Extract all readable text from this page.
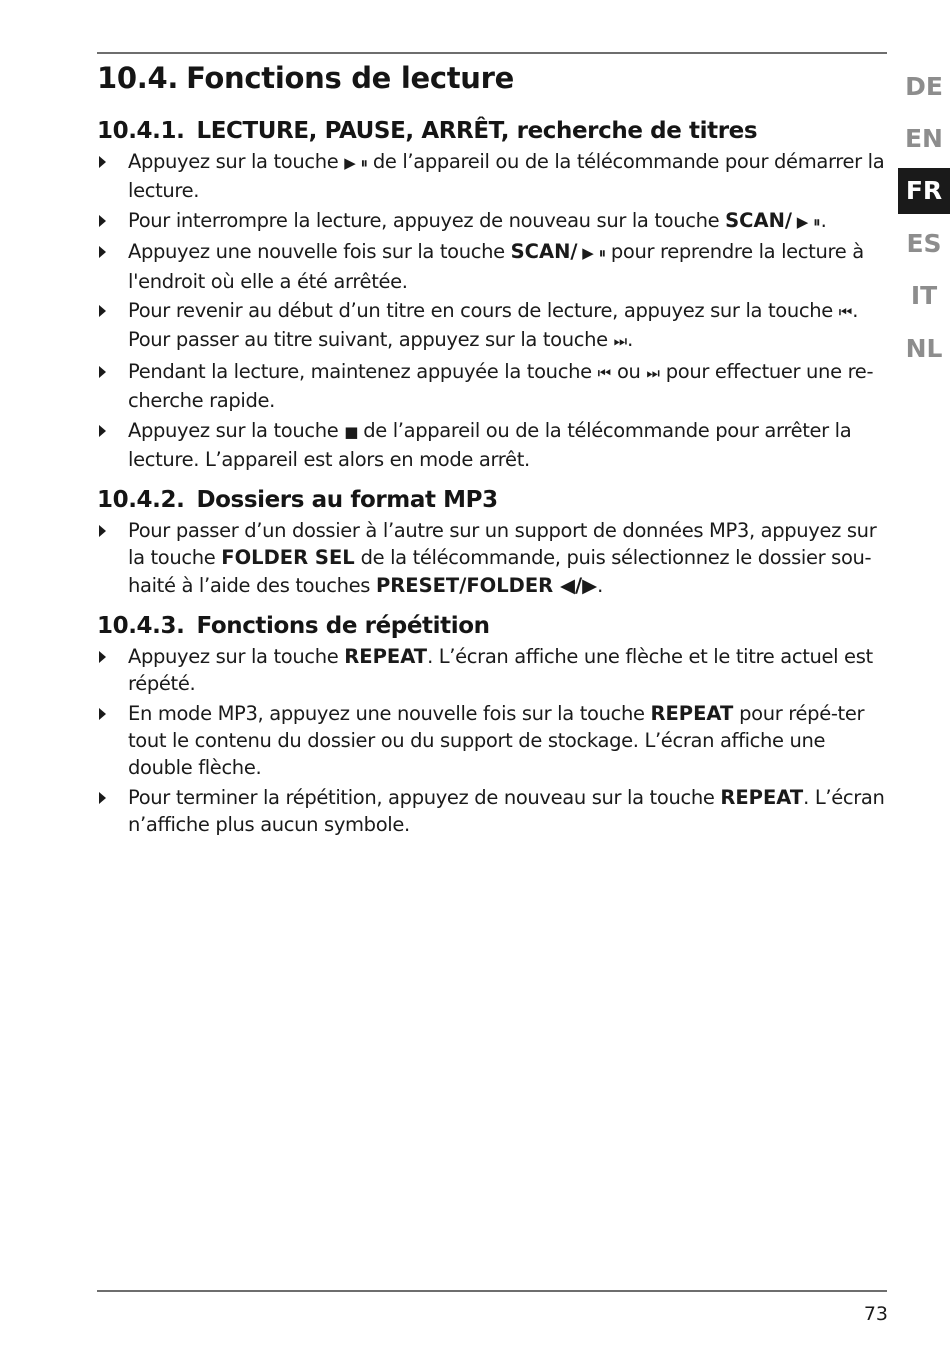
10.4. Fonctions de lecture
10.4.1. LECTURE, PAUSE, ARRÊT, recherche de titres
Appuyez sur la touche ▶ ⏸ de l’appareil ou de la télécommande pour démarrer la lecture.
Pour interrompre la lecture, appuyez de nouveau sur la touche SCAN/ ▶ ⏸.
Appuyez une nouvelle fois sur la touche SCAN/ ▶ ⏸ pour reprendre la lecture à l'endroit où elle a été arrêtée.
Pour revenir au début d’un titre en cours de lecture, appuyez sur la touche ⏮. Pour passer au titre suivant, appuyez sur la touche ⏭.
Pendant la lecture, maintenez appuyée la touche ⏮ ou ⏭ pour effectuer une re-cherche rapide.
Appuyez sur la touche ■ de l’appareil ou de la télécommande pour arrêter la lecture. L’appareil est alors en mode arrêt.
10.4.2. Dossiers au format MP3
Pour passer d’un dossier à l’autre sur un support de données MP3, appuyez sur la touche FOLDER SEL de la télécommande, puis sélectionnez le dossier sou-haité à l’aide des touches PRESET/FOLDER ◀/▶.
10.4.3. Fonctions de répétition
Appuyez sur la touche REPEAT. L’écran affiche une flèche et le titre actuel est répété.
En mode MP3, appuyez une nouvelle fois sur la touche REPEAT pour répé-ter tout le contenu du dossier ou du support de stockage. L’écran affiche une double flèche.
Pour terminer la répétition, appuyez de nouveau sur la touche REPEAT. L’écran n’affiche plus aucun symbole.
DE
EN
FR
ES
IT
NL
73
